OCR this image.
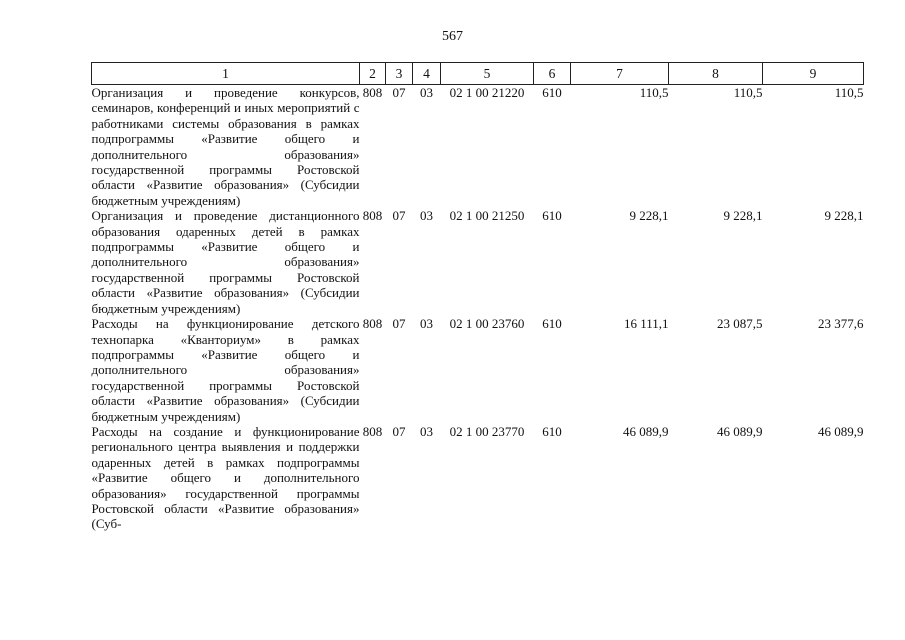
567
1	2	3	4	5	6	7	8	9
Организация и проведение конкурсов, семинаров, конференций и иных мероприятий с работниками системы образования в рамках подпрограммы «Развитие общего и дополнительного образования» государственной программы Ростовской области «Развитие образования» (Субсидии бюджетным учреждениям)	808	07	03	02 1 00 21220	610	110,5	110,5	110,5
Организация и проведение дистанционного образования одаренных детей в рамках подпрограммы «Развитие общего и дополнительного образования» государственной программы Ростовской области «Развитие образования» (Субсидии бюджетным учреждениям)	808	07	03	02 1 00 21250	610	9 228,1	9 228,1	9 228,1
Расходы на функционирование детского технопарка «Кванториум» в рамках подпрограммы «Развитие общего и дополнительного образования» государственной программы Ростовской области «Развитие образования» (Субсидии бюджетным учреждениям)	808	07	03	02 1 00 23760	610	16 111,1	23 087,5	23 377,6
Расходы на создание и функционирование регионального центра выявления и поддержки одаренных детей в рамках подпрограммы «Развитие общего и дополнительного образования» государственной программы Ростовской области «Развитие образования» (Суб-	808	07	03	02 1 00 23770	610	46 089,9	46 089,9	46 089,9
